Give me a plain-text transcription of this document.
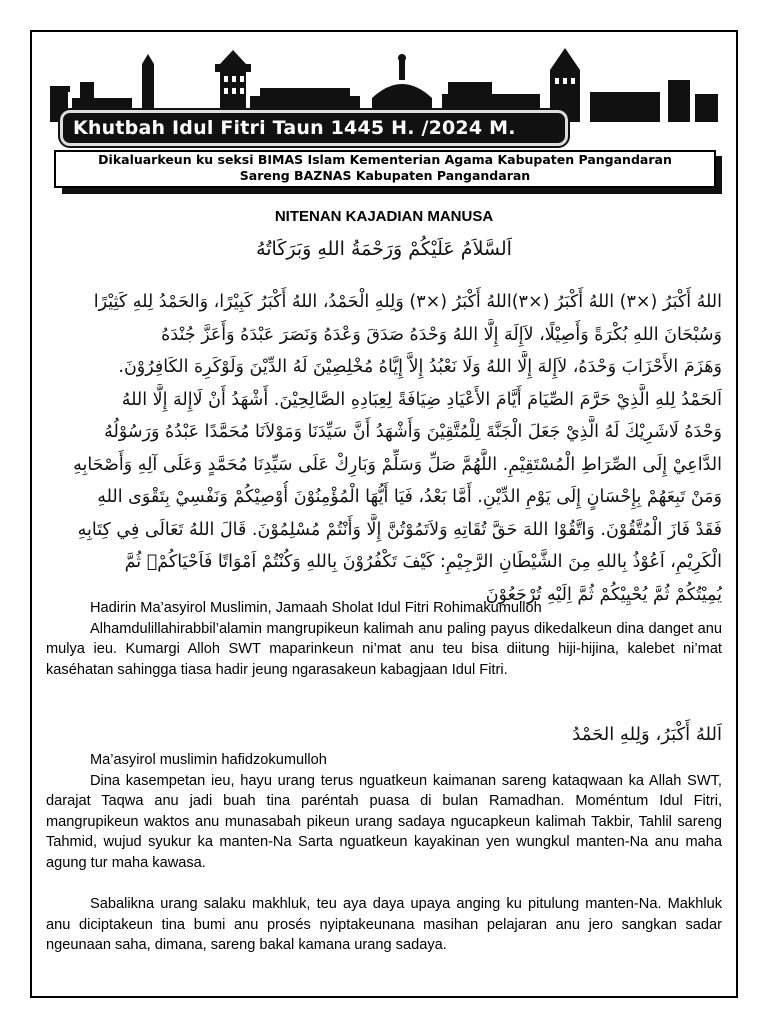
Khutbah Idul Fitri Taun 1445 H. /2024 M.
Dikaluarkeun ku seksi BIMAS Islam Kementerian Agama Kabupaten Pangandaran
Sareng BAZNAS Kabupaten Pangandaran
NITENAN KAJADIAN MANUSA
اَلسَّلاَمُ عَلَيْكُمْ وَرَحْمَةُ اللهِ وَبَرَكَاتُهُ
اللهُ أَكْبَرُ (×٣) اللهُ أَكْبَرُ (×٣)اللهُ أَكْبَرُ (×٣) وَلِلهِ الْحَمْدُ، اللهُ أَكْبَرُ كَبِيْرًا، وَالحَمْدُ لِلهِ كَثِيْرًا
وَسُبْحَانَ اللهِ بُكْرَةً وَأَصِيْلًا، لاَإِلَهَ إِلَّا اللهُ وَحْدَهُ صَدَقَ وَعْدَهُ وَنَصَرَ عَبْدَهُ وَأَعَزَّ جُنْدَهُ
وَهَزَمَ الأَحْزَابَ وَحْدَهُ، لاَإِلهَ إِلَّا اللهُ وَلَا نَعْبُدُ إِلاَّ إِيَّاهُ مُخْلِصِيْنَ لَهُ الدِّيْنَ وَلَوْكَرِهَ الكَافِرُوْنَ.
اَلحَمْدُ لِلهِ الَّذِيْ حَرَّمَ الصِّيَامَ أَيَّامَ الأَعْيَادِ ضِيَافَةً لِعِبَادِهِ الصَّالِحِيْنَ. أَشْهَدُ أَنْ لَاإِلهَ إِلَّا اللهُ
وَحْدَهُ لَاشَرِيْكَ لَهُ الَّذِيْ جَعَلَ الْجَنَّةَ لِلْمُتَّقِيْنَ وَأَشْهَدُ أَنَّ سَيِّدَنَا وَمَوْلاَنَا مُحَمَّدًا عَبْدُهُ وَرَسُوْلُهُ
الدَّاعِيْ إِلَى الصِّرَاطِ الْمُسْتَقِيْمِ. اللَّهُمَّ صَلِّ وَسَلِّمْ وَبَارِكْ عَلَى سَيِّدِنَا مُحَمَّدٍ وَعَلَى آلِهِ وَأَصْحَابِهِ
وَمَنْ تَبِعَهُمْ بِإِحْسَانٍ إِلَى يَوْمِ الدِّيْنِ. أَمَّا بَعْدُ، فَيَا أَيُّهَا الْمُؤْمِنُوْنَ أُوْصِيْكُمْ وَنَفْسِيْ بِتَقْوَى اللهِ
فَقَدْ فَازَ الْمُتَّقُوْنَ. وَاتَّقُوْا اللهَ حَقَّ تُقَاتِهِ وَلاَتَمُوْتُنَّ إِلَّا وَأَنْتُمْ مُسْلِمُوْنَ. قَالَ اللهُ تَعَالَى فِي كِتَابِهِ
الْكَرِيْمِ، اَعُوْذُ بِاللهِ مِنَ الشَّيْطَانِ الرَّجِيْمِ: كَيْفَ تَكْفُرُوْنَ بِاللهِ وَكُنْتُمْ اَمْوَاتًا فَاَحْيَاكُمْۚ ثُمَّ
يُمِيْتُكُمْ ثُمَّ يُحْيِيْكُمْ ثُمَّ اِلَيْهِ تُرْجَعُوْنَ

Hadirin Ma’asyirol Muslimin, Jamaah Sholat Idul Fitri Rohimakumulloh

Alhamdulillahirabbil’alamin mangrupikeun kalimah anu paling payus dikedalkeun dina danget anu mulya ieu. Kumargi Alloh SWT maparinkeun ni’mat anu teu bisa diitung hiji-hijina, kalebet ni’mat kaséhatan sahingga tiasa hadir jeung ngarasakeun kabagjaan Idul Fitri.

اَللهُ أَكْبَرُ، وَلِلهِ الحَمْدُ

Ma’asyirol muslimin hafidzokumulloh

Dina kasempetan ieu, hayu urang terus nguatkeun kaimanan sareng kataqwaan ka Allah SWT, darajat Taqwa anu jadi buah tina paréntah puasa di bulan Ramadhan. Moméntum Idul Fitri, mangrupikeun waktos anu munasabah pikeun urang sadaya ngucapkeun kalimah Takbir, Tahlil sareng Tahmid, wujud syukur ka manten-Na Sarta nguatkeun kayakinan yen wungkul manten-Na anu maha agung tur maha kawasa.

Sabalikna urang salaku makhluk, teu aya daya upaya anging ku pitulung manten-Na. Makhluk anu diciptakeun tina bumi anu prosés nyiptakeunana masihan pelajaran anu jero sangkan sadar ngeunaan saha, dimana, sareng bakal kamana urang sadaya.
